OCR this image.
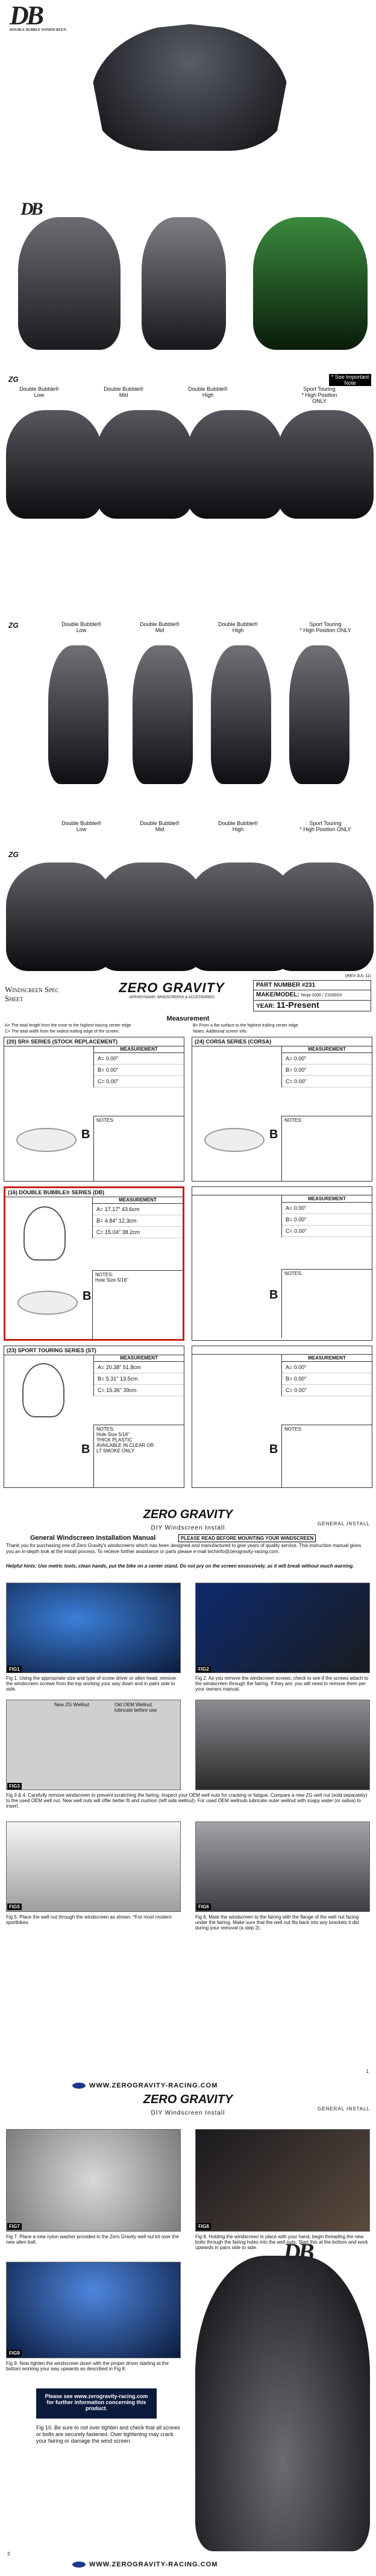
DB
DOUBLE BUBBLE WINDSCREEN
DB
ZG	* See Important Note
Double Bubble®
Low
Double Bubble®
Mid
Double Bubble®
High
Sport Touring
* High Position
ONLY
ZG	Double Bubble®
Low
Double Bubble®
Mid
Double Bubble®
High
Sport Touring
* High Position ONLY
Double Bubble®
Low
Double Bubble®
Mid
Double Bubble®
High
Sport Touring
* High Position ONLY
ZG
(REV-JUL-11)
Windscreen Spec Sheet
ZERO GRAVITY
AERODYNAMIC WINDSCREENS & ACCESSORIES
PART NUMBER #231
MAKE/MODEL: Ninja 1000 / Z1000SX
YEAR: 11-Present
Measurement
A= The total length from the nose to the highest tracing center edge.	B= From a flat surface to the highest trailing center edge.
C= The total width from the widest trailing edge of the screen.	Notes: Additional screen info.
(20) SR® SERIES (STOCK REPLACEMENT)
MEASUREMENT
A= 0.00"
B= 0.00"
C= 0.00"
NOTES:
B
(24) CORSA SERIES (CORSA)
MEASUREMENT
A= 0.00"
B= 0.00"
C= 0.00"
NOTES:
B
(16) DOUBLE BUBBLE® SERIES (DB)
MEASUREMENT
A= 17.17" 43.6cm
B= 4.84" 12.3cm
C= 15.04" 38.2cm
NOTES:
Hole Size 5/16"
B
MEASUREMENT
A= 0.00"
B= 0.00"
C= 0.00"
NOTES:
B
(23) SPORT TOURING SERIES (ST)
MEASUREMENT
A= 20.38" 51.8cm
B= 5.31" 13.5cm
C= 15.36" 39cm
NOTES:
Hole Size 5/16"
THICK PLASTIC
AVAILABLE IN CLEAR OR
LT SMOKE ONLY
B
MEASUREMENT
A= 0.00"
B= 0.00"
C= 0.00"
NOTES:
B
ZERO GRAVITY
GENERAL INSTALL
DIY Windscreen Install
General Windscreen Installation Manual	PLEASE READ BEFORE MOUNTING YOUR WINDSCREEN
Thank you for purchasing one of Zero Gravity's windscreens which has been designed and manufactured to give years of quality service. This instruction manual gives you an in-depth look at the install process. To receive further assistance or parts please e-mail techinfo@zerogravity-racing.com.
Helpful hints: Use metric tools, clean hands, put the bike on a center stand. Do not pry on the screen excessively, as it will break without much warning.
FIG1
Fig 1. Using the appropriate size and type of screw driver or allen head, remove the windscreen screws from the top working your way down and in pairs side to side.
FIG2
Fig 2. As you remove the windscreen screws, check to see if the screws attach to the windscreen through the fairing. If they are, you will need to remove them per your owners manual.
New ZG Wellnut	Old OEM Wellnut, lubricate before use
FIG3
Fig 3 & 4. Carefully remove windscreen to prevent scratching the fairing. Inspect your OEM well nuts for cracking or fatigue. Compare a new ZG well nut (sold separately) to the used OEM well nut. New well nuts will offer better fit and cushion (left side wellnut). For used OEM wellnuts lubricate outer wellnut with soapy water (or saliva) to insert.
FIG5
Fig 5. Place the well nut through the windscreen as shown. *For most modern sportbikes.
FIG6
Fig 6. Mate the windscreen to the fairing with the flange of the well nut facing under the fairing. Make sure that the well nut fits back into any brackets it did during your removal (a step 2).
WWW.ZEROGRAVITY-RACING.COM
1
ZERO GRAVITY
GENERAL INSTALL
DIY Windscreen Install
FIG7
Fig 7. Place a new nylon washer provided in the Zero Gravity well nut kit over the new allen bolt.
FIG8
Fig 8. Holding the windscreen in place with your hand, begin threading the new bolts through the fairing holes into the well nuts. Start this at the bottom and work upwards in pairs side to side.
FIG9
Fig 9. Now tighten the windscreen down with the proper driver starting at the bottom working your way upwards as described in Fig 8.
Please see www.zerogravity-racing.com for further information concerning this product.
Fig 10. Be sure to not over tighten and check that all screws or bolts are securely fastened. Over tightening may crack your fairing or damage the wind screen.
DB
WWW.ZEROGRAVITY-RACING.COM
2
